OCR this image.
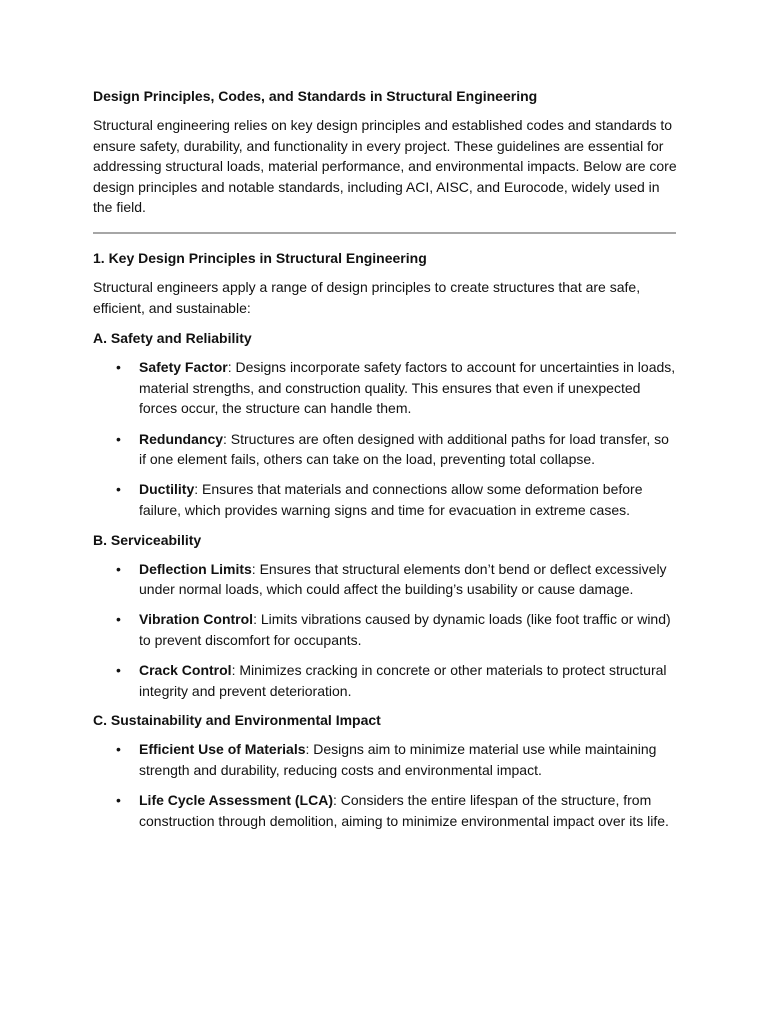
Design Principles, Codes, and Standards in Structural Engineering

Structural engineering relies on key design principles and established codes and standards to ensure safety, durability, and functionality in every project. These guidelines are essential for addressing structural loads, material performance, and environmental impacts. Below are core design principles and notable standards, including ACI, AISC, and Eurocode, widely used in the field.

1. Key Design Principles in Structural Engineering

Structural engineers apply a range of design principles to create structures that are safe, efficient, and sustainable:

A. Safety and Reliability
• Safety Factor: Designs incorporate safety factors to account for uncertainties in loads, material strengths, and construction quality. This ensures that even if unexpected forces occur, the structure can handle them.
• Redundancy: Structures are often designed with additional paths for load transfer, so if one element fails, others can take on the load, preventing total collapse.
• Ductility: Ensures that materials and connections allow some deformation before failure, which provides warning signs and time for evacuation in extreme cases.
B. Serviceability
• Deflection Limits: Ensures that structural elements don’t bend or deflect excessively under normal loads, which could affect the building’s usability or cause damage.
• Vibration Control: Limits vibrations caused by dynamic loads (like foot traffic or wind) to prevent discomfort for occupants.
• Crack Control: Minimizes cracking in concrete or other materials to protect structural integrity and prevent deterioration.
C. Sustainability and Environmental Impact
• Efficient Use of Materials: Designs aim to minimize material use while maintaining strength and durability, reducing costs and environmental impact.
• Life Cycle Assessment (LCA): Considers the entire lifespan of the structure, from construction through demolition, aiming to minimize environmental impact over its life.
